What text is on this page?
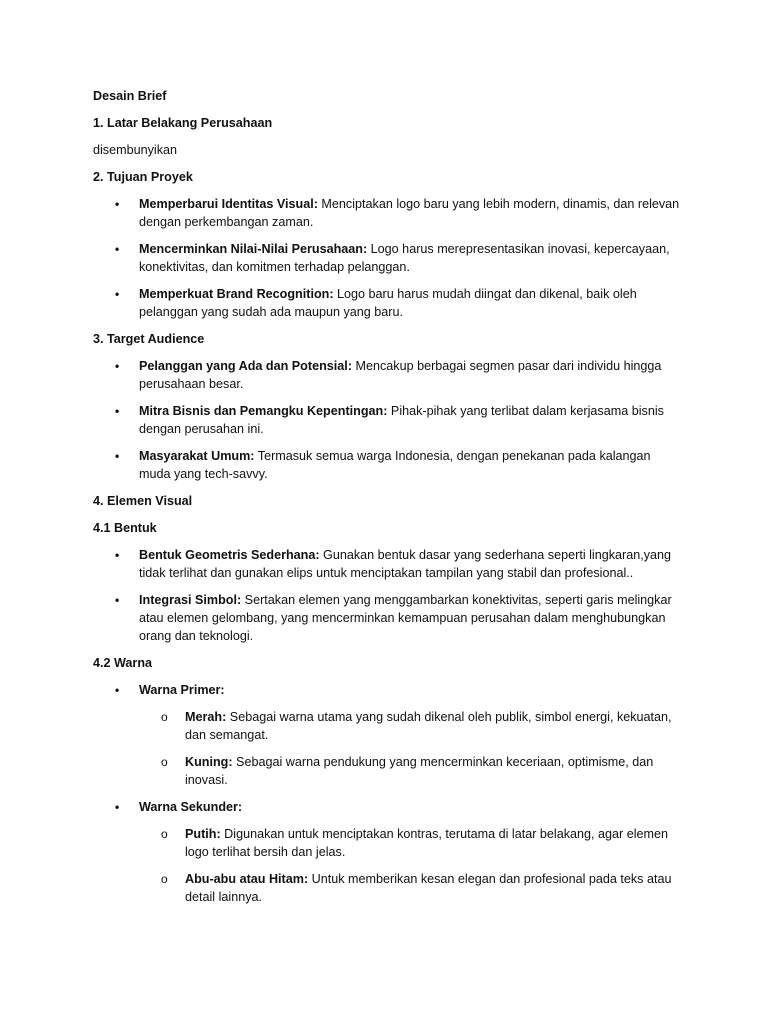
Desain Brief

1. Latar Belakang Perusahaan

disembunyikan

2. Tujuan Proyek

• Memperbarui Identitas Visual: Menciptakan logo baru yang lebih modern, dinamis, dan relevan dengan perkembangan zaman.
• Mencerminkan Nilai-Nilai Perusahaan: Logo harus merepresentasikan inovasi, kepercayaan, konektivitas, dan komitmen terhadap pelanggan.
• Memperkuat Brand Recognition: Logo baru harus mudah diingat dan dikenal, baik oleh pelanggan yang sudah ada maupun yang baru.

3. Target Audience

• Pelanggan yang Ada dan Potensial: Mencakup berbagai segmen pasar dari individu hingga perusahaan besar.
• Mitra Bisnis dan Pemangku Kepentingan: Pihak-pihak yang terlibat dalam kerjasama bisnis dengan perusahan ini.
• Masyarakat Umum: Termasuk semua warga Indonesia, dengan penekanan pada kalangan muda yang tech-savvy.

4. Elemen Visual

4.1 Bentuk

• Bentuk Geometris Sederhana: Gunakan bentuk dasar yang sederhana seperti lingkaran,yang tidak terlihat dan gunakan elips untuk menciptakan tampilan yang stabil dan profesional..
• Integrasi Simbol: Sertakan elemen yang menggambarkan konektivitas, seperti garis melingkar atau elemen gelombang, yang mencerminkan kemampuan perusahan dalam menghubungkan orang dan teknologi.

4.2 Warna

• Warna Primer:
o Merah: Sebagai warna utama yang sudah dikenal oleh publik, simbol energi, kekuatan, dan semangat.
o Kuning: Sebagai warna pendukung yang mencerminkan keceriaan, optimisme, dan inovasi.
• Warna Sekunder:
o Putih: Digunakan untuk menciptakan kontras, terutama di latar belakang, agar elemen logo terlihat bersih dan jelas.
o Abu-abu atau Hitam: Untuk memberikan kesan elegan dan profesional pada teks atau detail lainnya.
